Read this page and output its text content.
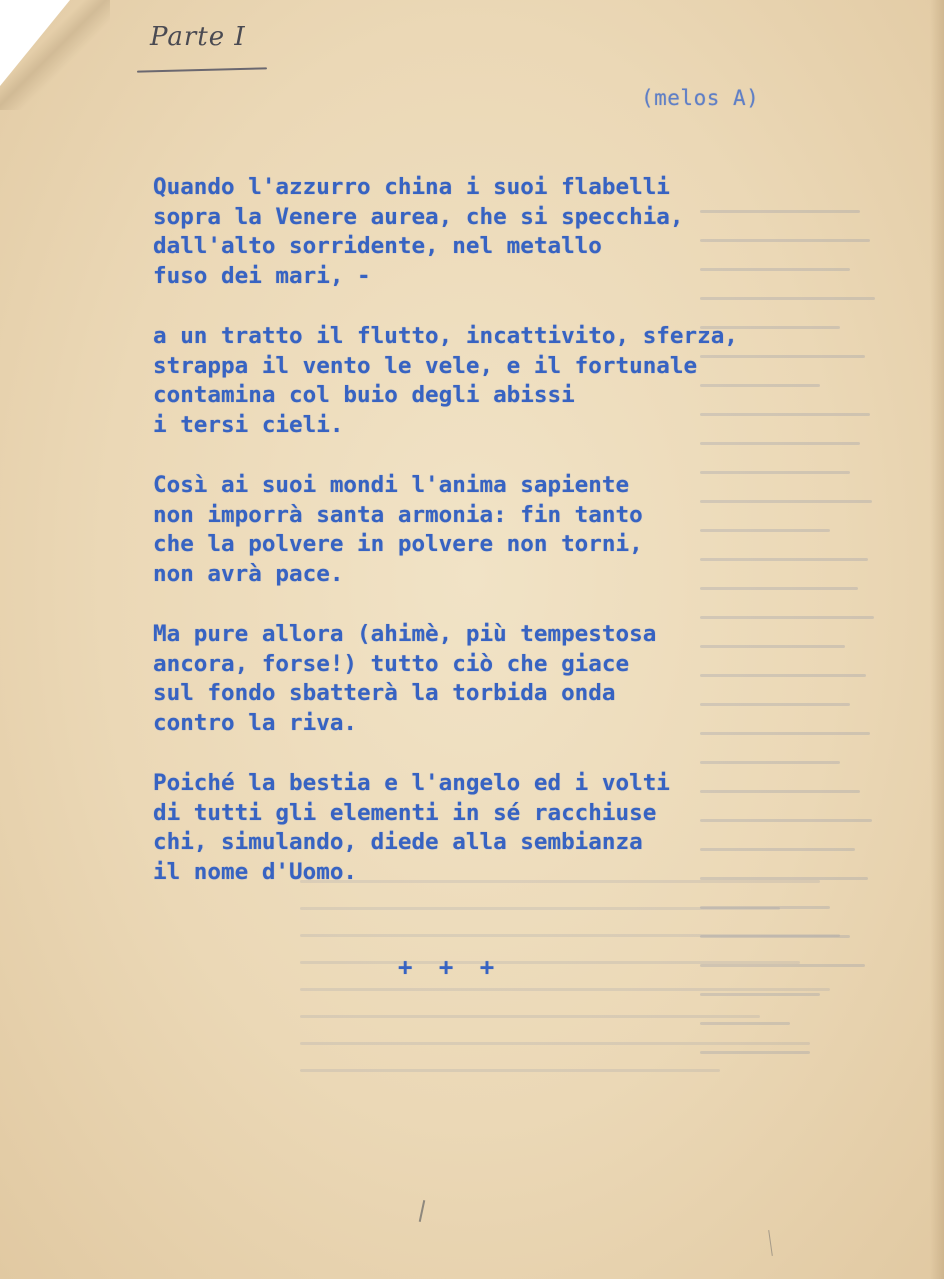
Parte I
(melos A)
Quando l'azzurro china i suoi flabelli
sopra la Venere aurea, che si specchia,
dall'alto sorridente, nel metallo
fuso dei mari, -
a un tratto il flutto, incattivito, sferza,
strappa il vento le vele, e il fortunale
contamina col buio degli abissi
i tersi cieli.
Così ai suoi mondi l'anima sapiente
non imporrà santa armonia: fin tanto
che la polvere in polvere non torni,
non avrà pace.
Ma pure allora (ahimè, più tempestosa
ancora, forse!) tutto ciò che giace
sul fondo sbatterà la torbida onda
contro la riva.
Poiché la bestia e l'angelo ed i volti
di tutti gli elementi in sé racchiuse
chi, simulando, diede alla sembianza
il nome d'Uomo.
+ + +
